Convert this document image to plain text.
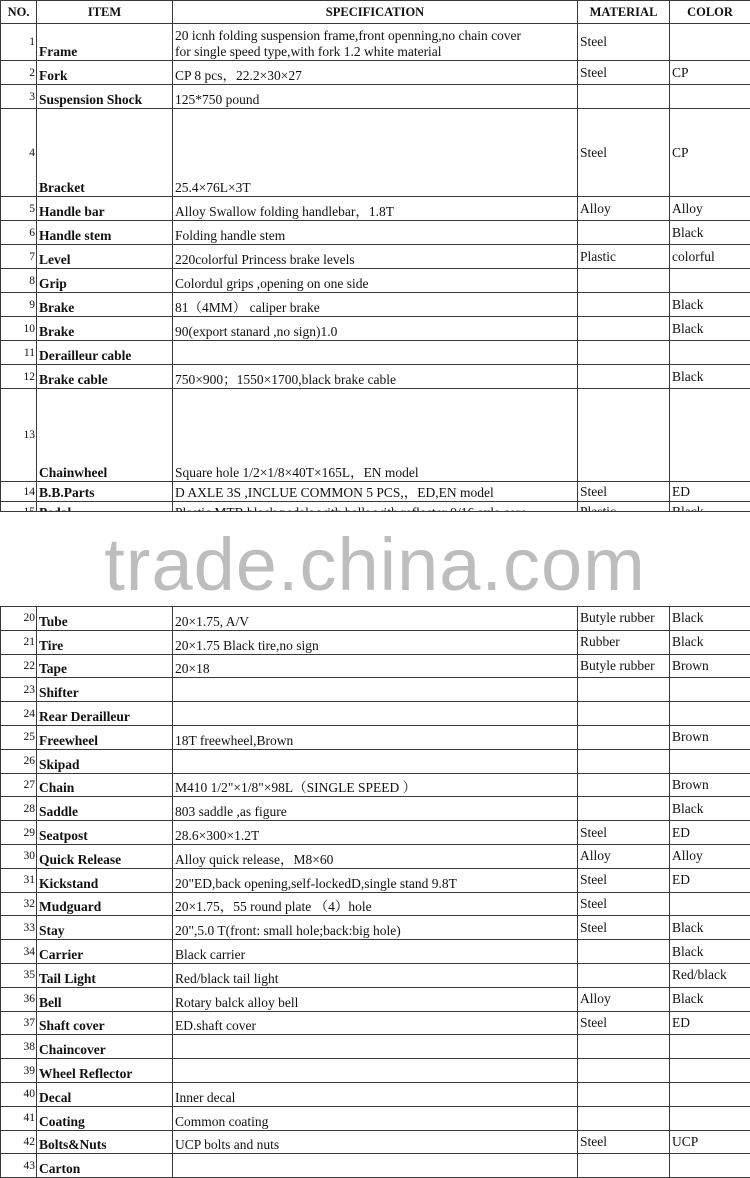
NO.	ITEM	SPECIFICATION	MATERIAL	COLOR
1	Frame	20 icnh folding suspension frame,front openning,no chain cover
for single speed type,with fork 1.2 white material	Steel	
2	Fork	CP 8 pcs，22.2×30×27	Steel	CP
3	Suspension Shock	125*750 pound		

4	Bracket	25.4×76L×3T	Steel	CP
5	Handle bar	Alloy Swallow folding handlebar，1.8T	Alloy	Alloy
6	Handle stem	Folding handle stem		Black
7	Level	220colorful Princess brake levels	Plastic	colorful
8	Grip	Colordul grips ,opening on one side		

9	Brake	81（4MM） caliper brake		Black
10	Brake	90(export stanard ,no sign)1.0		Black
11	Derailleur cable	

12	Brake cable	750×900；1550×1700,black brake cable		Black
13	Chainwheel	Square hole 1/2×1/8×40T×165L，EN model		

14	B.B.Parts	D AXLE 3S ,INCLUE COMMON 5 PCS,，ED,EN model	Steel	ED

trade.china.com
20	Tube	20×1.75, A/V	Butyle rubber	Black
21	Tire	20×1.75 Black tire,no sign	Rubber	Black
22	Tape	20×18	Butyle rubber	Brown
23	Shifter			
24	Rear Derailleur			
25	Freewheel	18T freewheel,Brown		Brown
26	Skipad			
27	Chain	M410 1/2"×1/8"×98L（SINGLE SPEED ）		Brown
28	Saddle	803 saddle ,as figure		Black
29	Seatpost	28.6×300×1.2T	Steel	ED
30	Quick Release	Alloy quick release，M8×60	Alloy	Alloy
31	Kickstand	20"ED,back opening,self-lockedD,single stand 9.8T	Steel	ED
32	Mudguard	20×1.75，55 round plate （4）hole	Steel	
33	Stay	20",5.0 T(front: small hole;back:big hole)	Steel	Black
34	Carrier	Black carrier		Black
35	Tail Light	Red/black tail light		Red/black
36	Bell	Rotary balck alloy bell	Alloy	Black
37	Shaft cover	ED.shaft cover	Steel	ED
38	Chaincover			
39	Wheel Reflector			
40	Decal	Inner decal		
41	Coating	Common coating		
42	Bolts&Nuts	UCP bolts and nuts	Steel	UCP
43	Carton			
